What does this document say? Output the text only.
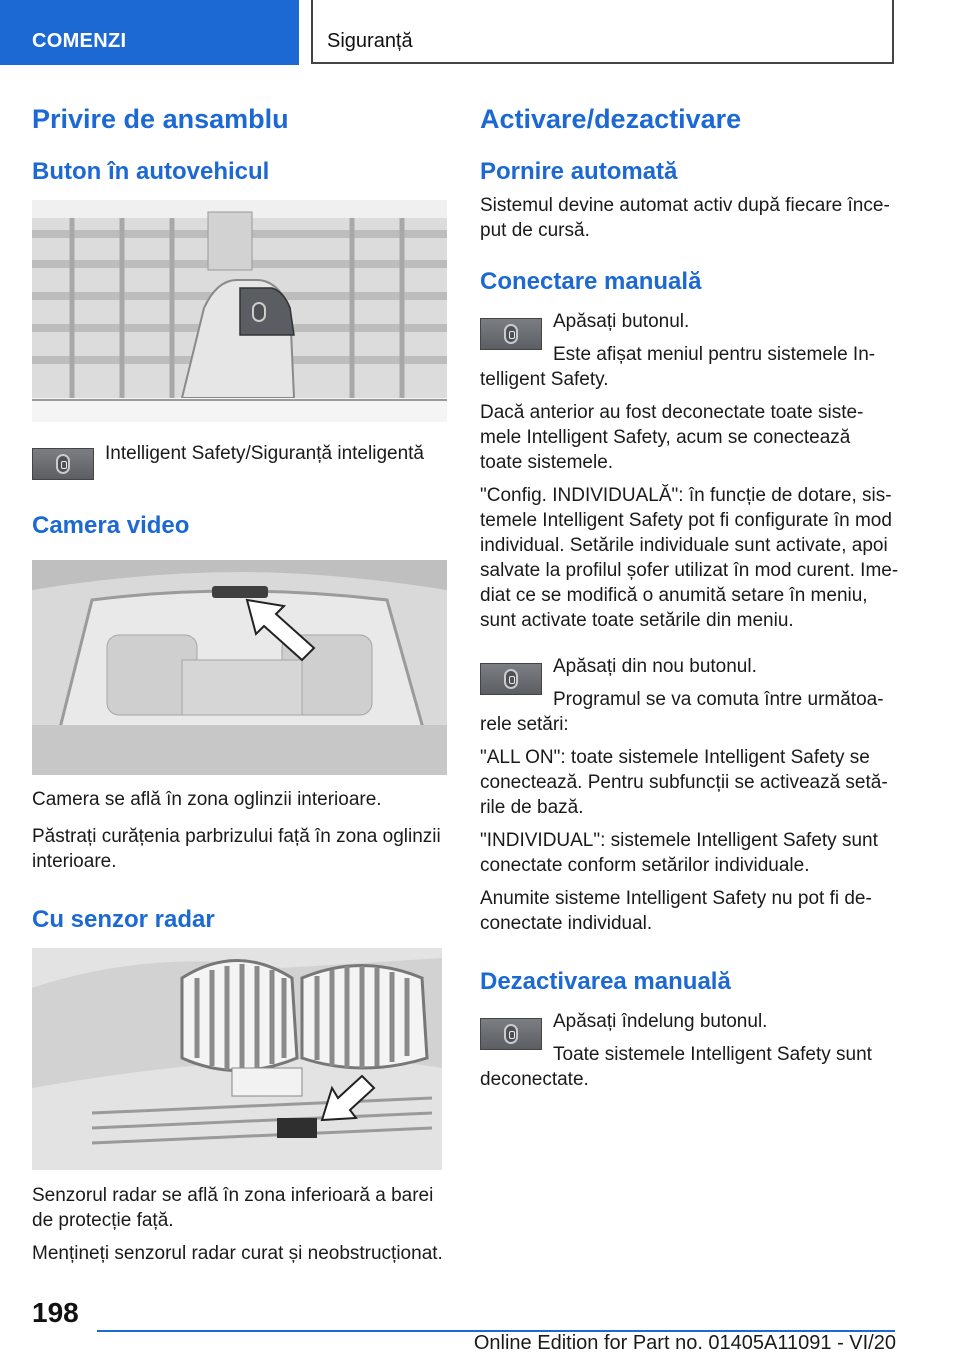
COMENZI	Siguranță
Privire de ansamblu
Buton în autovehicul

Intelligent Safety/Siguranță inteligentă

Camera video

Camera se află în zona oglinzii interioare.

Păstrați curățenia parbrizului față în zona oglinzii

interioare.

Cu senzor radar

Senzorul radar se află în zona inferioară a barei

de protecție față.

Mențineți senzorul radar curat și neobstrucționat.

Activare/dezactivare
Pornire automată

Sistemul devine automat activ după fiecare înce-

put de cursă.

Conectare manuală

Apăsați butonul.

Este afișat meniul pentru sistemele In-

telligent Safety.

Dacă anterior au fost deconectate toate siste-

mele Intelligent Safety, acum se conectează

toate sistemele.

"Config. INDIVIDUALĂ": în funcție de dotare, sis-

temele Intelligent Safety pot fi configurate în mod

individual. Setările individuale sunt activate, apoi

salvate la profilul șofer utilizat în mod curent. Ime-

diat ce se modifică o anumită setare în meniu,

sunt activate toate setările din meniu.

Apăsați din nou butonul.

Programul se va comuta între următoa-

rele setări:

"ALL ON": toate sistemele Intelligent Safety se

conectează. Pentru subfuncții se activează setă-

rile de bază.

"INDIVIDUAL": sistemele Intelligent Safety sunt

conectate conform setărilor individuale.

Anumite sisteme Intelligent Safety nu pot fi de-

conectate individual.

Dezactivarea manuală

Apăsați îndelung butonul.

Toate sistemele Intelligent Safety sunt

deconectate.

198
Online Edition for Part no. 01405A11091 - VI/20
